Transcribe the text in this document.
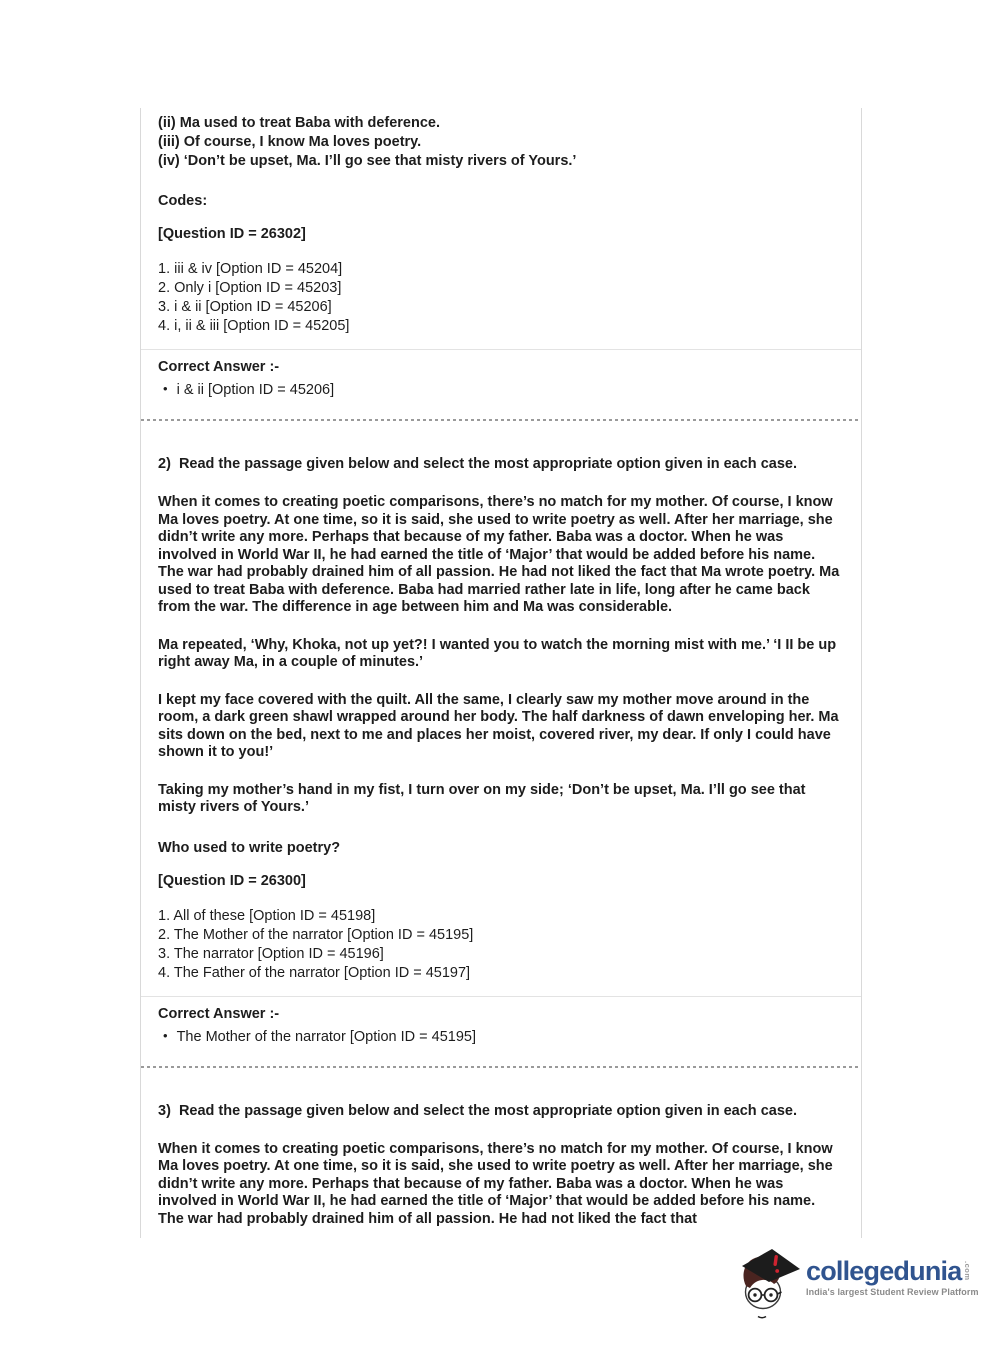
(ii) Ma used to treat Baba with deference.
(iii) Of course, I know Ma loves poetry.
(iv) ‘Don’t be upset, Ma. I’ll go see that misty rivers of Yours.’
Codes:
[Question ID = 26302]
1. iii & iv [Option ID = 45204]
2. Only i [Option ID = 45203]
3. i & ii [Option ID = 45206]
4. i, ii & iii [Option ID = 45205]
Correct Answer :-
• i & ii [Option ID = 45206]
2)  Read the passage given below and select the most appropriate option given in each case.

When it comes to creating poetic comparisons, there’s no match for my mother. Of course, I know Ma loves poetry. At one time, so it is said, she used to write poetry as well. After her marriage, she didn’t write any more. Perhaps that because of my father. Baba was a doctor. When he was involved in World War II, he had earned the title of ‘Major’ that would be added before his name. The war had probably drained him of all passion. He had not liked the fact that Ma wrote poetry. Ma used to treat Baba with deference. Baba had married rather late in life, long after he came back from the war. The difference in age between him and Ma was considerable.

Ma repeated, ‘Why, Khoka, not up yet?! I wanted you to watch the morning mist with me.’ ‘I II be up right away Ma, in a couple of minutes.’

I kept my face covered with the quilt. All the same, I clearly saw my mother move around in the room, a dark green shawl wrapped around her body. The half darkness of dawn enveloping her. Ma sits down on the bed, next to me and places her moist, covered river, my dear. If only I could have shown it to you!’

Taking my mother’s hand in my fist, I turn over on my side; ‘Don’t be upset, Ma. I’ll go see that misty rivers of Yours.’

Who used to write poetry?
[Question ID = 26300]
1. All of these [Option ID = 45198]
2. The Mother of the narrator [Option ID = 45195]
3. The narrator [Option ID = 45196]
4. The Father of the narrator [Option ID = 45197]
Correct Answer :-
• The Mother of the narrator [Option ID = 45195]
3)  Read the passage given below and select the most appropriate option given in each case.

When it comes to creating poetic comparisons, there’s no match for my mother. Of course, I know Ma loves poetry. At one time, so it is said, she used to write poetry as well. After her marriage, she didn’t write any more. Perhaps that because of my father. Baba was a doctor. When he was involved in World War II, he had earned the title of ‘Major’ that would be added before his name. The war had probably drained him of all passion. He had not liked the fact that

collegedunia .com
India's largest Student Review Platform
